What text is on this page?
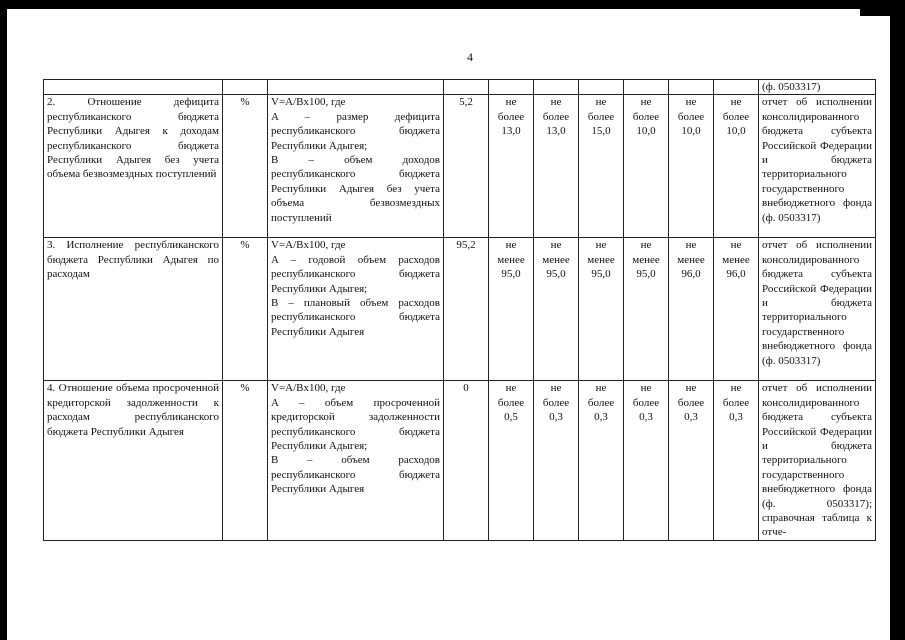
4
										(ф. 0503317)
2. Отношение дефицита республиканского бюджета Республики Адыгея к доходам республиканского бюджета Республики Адыгея без учета объема безвозмездных поступлений	%	V=A/Bx100, где
A – размер дефицита республиканского бюджета Республики Адыгея;
B – объем доходов республиканского бюджета Республики Адыгея без учета объема безвозмездных поступлений	5,2	не
более
13,0	не
более
13,0	не
более
15,0	не
более
10,0	не
более
10,0	не
более
10,0	отчет об исполнении консолидированного бюджета субъекта Российской Федерации и бюджета территориального государственного внебюджетного фонда (ф. 0503317)
3. Исполнение республиканского бюджета Республики Адыгея по расходам	%	V=A/Bx100, где
A – годовой объем расходов республиканского бюджета Республики Адыгея;
B – плановый объем расходов республиканского бюджета Республики Адыгея	95,2	не
менее
95,0	не
менее
95,0	не
менее
95,0	не
менее
95,0	не
менее
96,0	не
менее
96,0	отчет об исполнении консолидированного бюджета субъекта Российской Федерации и бюджета территориального государственного внебюджетного фонда (ф. 0503317)
4. Отношение объема просроченной кредиторской задолженности к расходам республиканского бюджета Республики Адыгея	%	V=A/Bx100, где
A – объем просроченной кредиторской задолженности республиканского бюджета Республики Адыгея;
B – объем расходов республиканского бюджета Республики Адыгея	0	не
более
0,5	не
более
0,3	не
более
0,3	не
более
0,3	не
более
0,3	не
более
0,3	отчет об исполнении консолидированного бюджета субъекта Российской Федерации и бюджета территориального государственного внебюджетного фонда (ф. 0503317); справочная таблица к отче-
